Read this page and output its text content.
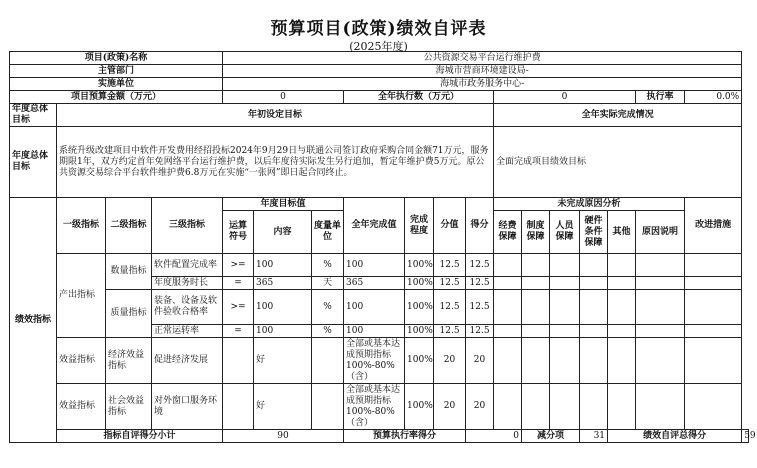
预算项目(政策)绩效自评表
(2025年度)
项目(政策)名称				公共资源交易平台运行维护费														
主管部门				海城市营商环境建设局-														
实施单位				海城市政务服务中心-														
项目预算金额（万元）				0			全年执行数（万元）				0					执行率	0.0%	
年度总体目标	年初设定目标										全年实际完成情况							
年度总体目标	系统升级改建项目中软件开发费用经招投标2024年9月29日与联通公司签订政府采购合同金额71万元，服务期限1年，双方约定首年免网络平台运行维护费，以后年度待实际发生另行追加，暂定年维护费5万元。原公共资源交易综合平台软件维护费6.8万元在实施“一张网”即日起合同终止。										全面完成项目绩效目标							
绩效指标	一级指标	二级指标	三级指标	年度目标值			全年完成值	完成程度	分值	得分	未完成原因分析						改进措施	
				运算符号	内容	度量单位					经费保障	制度保障	人员保障	硬件条件保障	其他	原因说明		
	产出指标	数量指标	软件配置完成率	>=	100	%	100	100%	12.5	12.5								
			年度服务时长	=	365	天	365	100%	12.5	12.5								
		质量指标	装备、设备及软件验收合格率	>=	100	%	100	100%	12.5	12.5								
			正常运转率	=	100	%	100	100%	12.5	12.5								
	效益指标	经济效益指标	促进经济发展		好		全部或基本达成预期指标100%-80%（含）	100%	20	20								
	效益指标	社会效益指标	对外窗口服务环境		好		全部或基本达成预期指标100%-80%（含）	100%	20	20								
	指标自评得分小计			90			预算执行率得分			0		减分项		31	绩效自评总得分			59
